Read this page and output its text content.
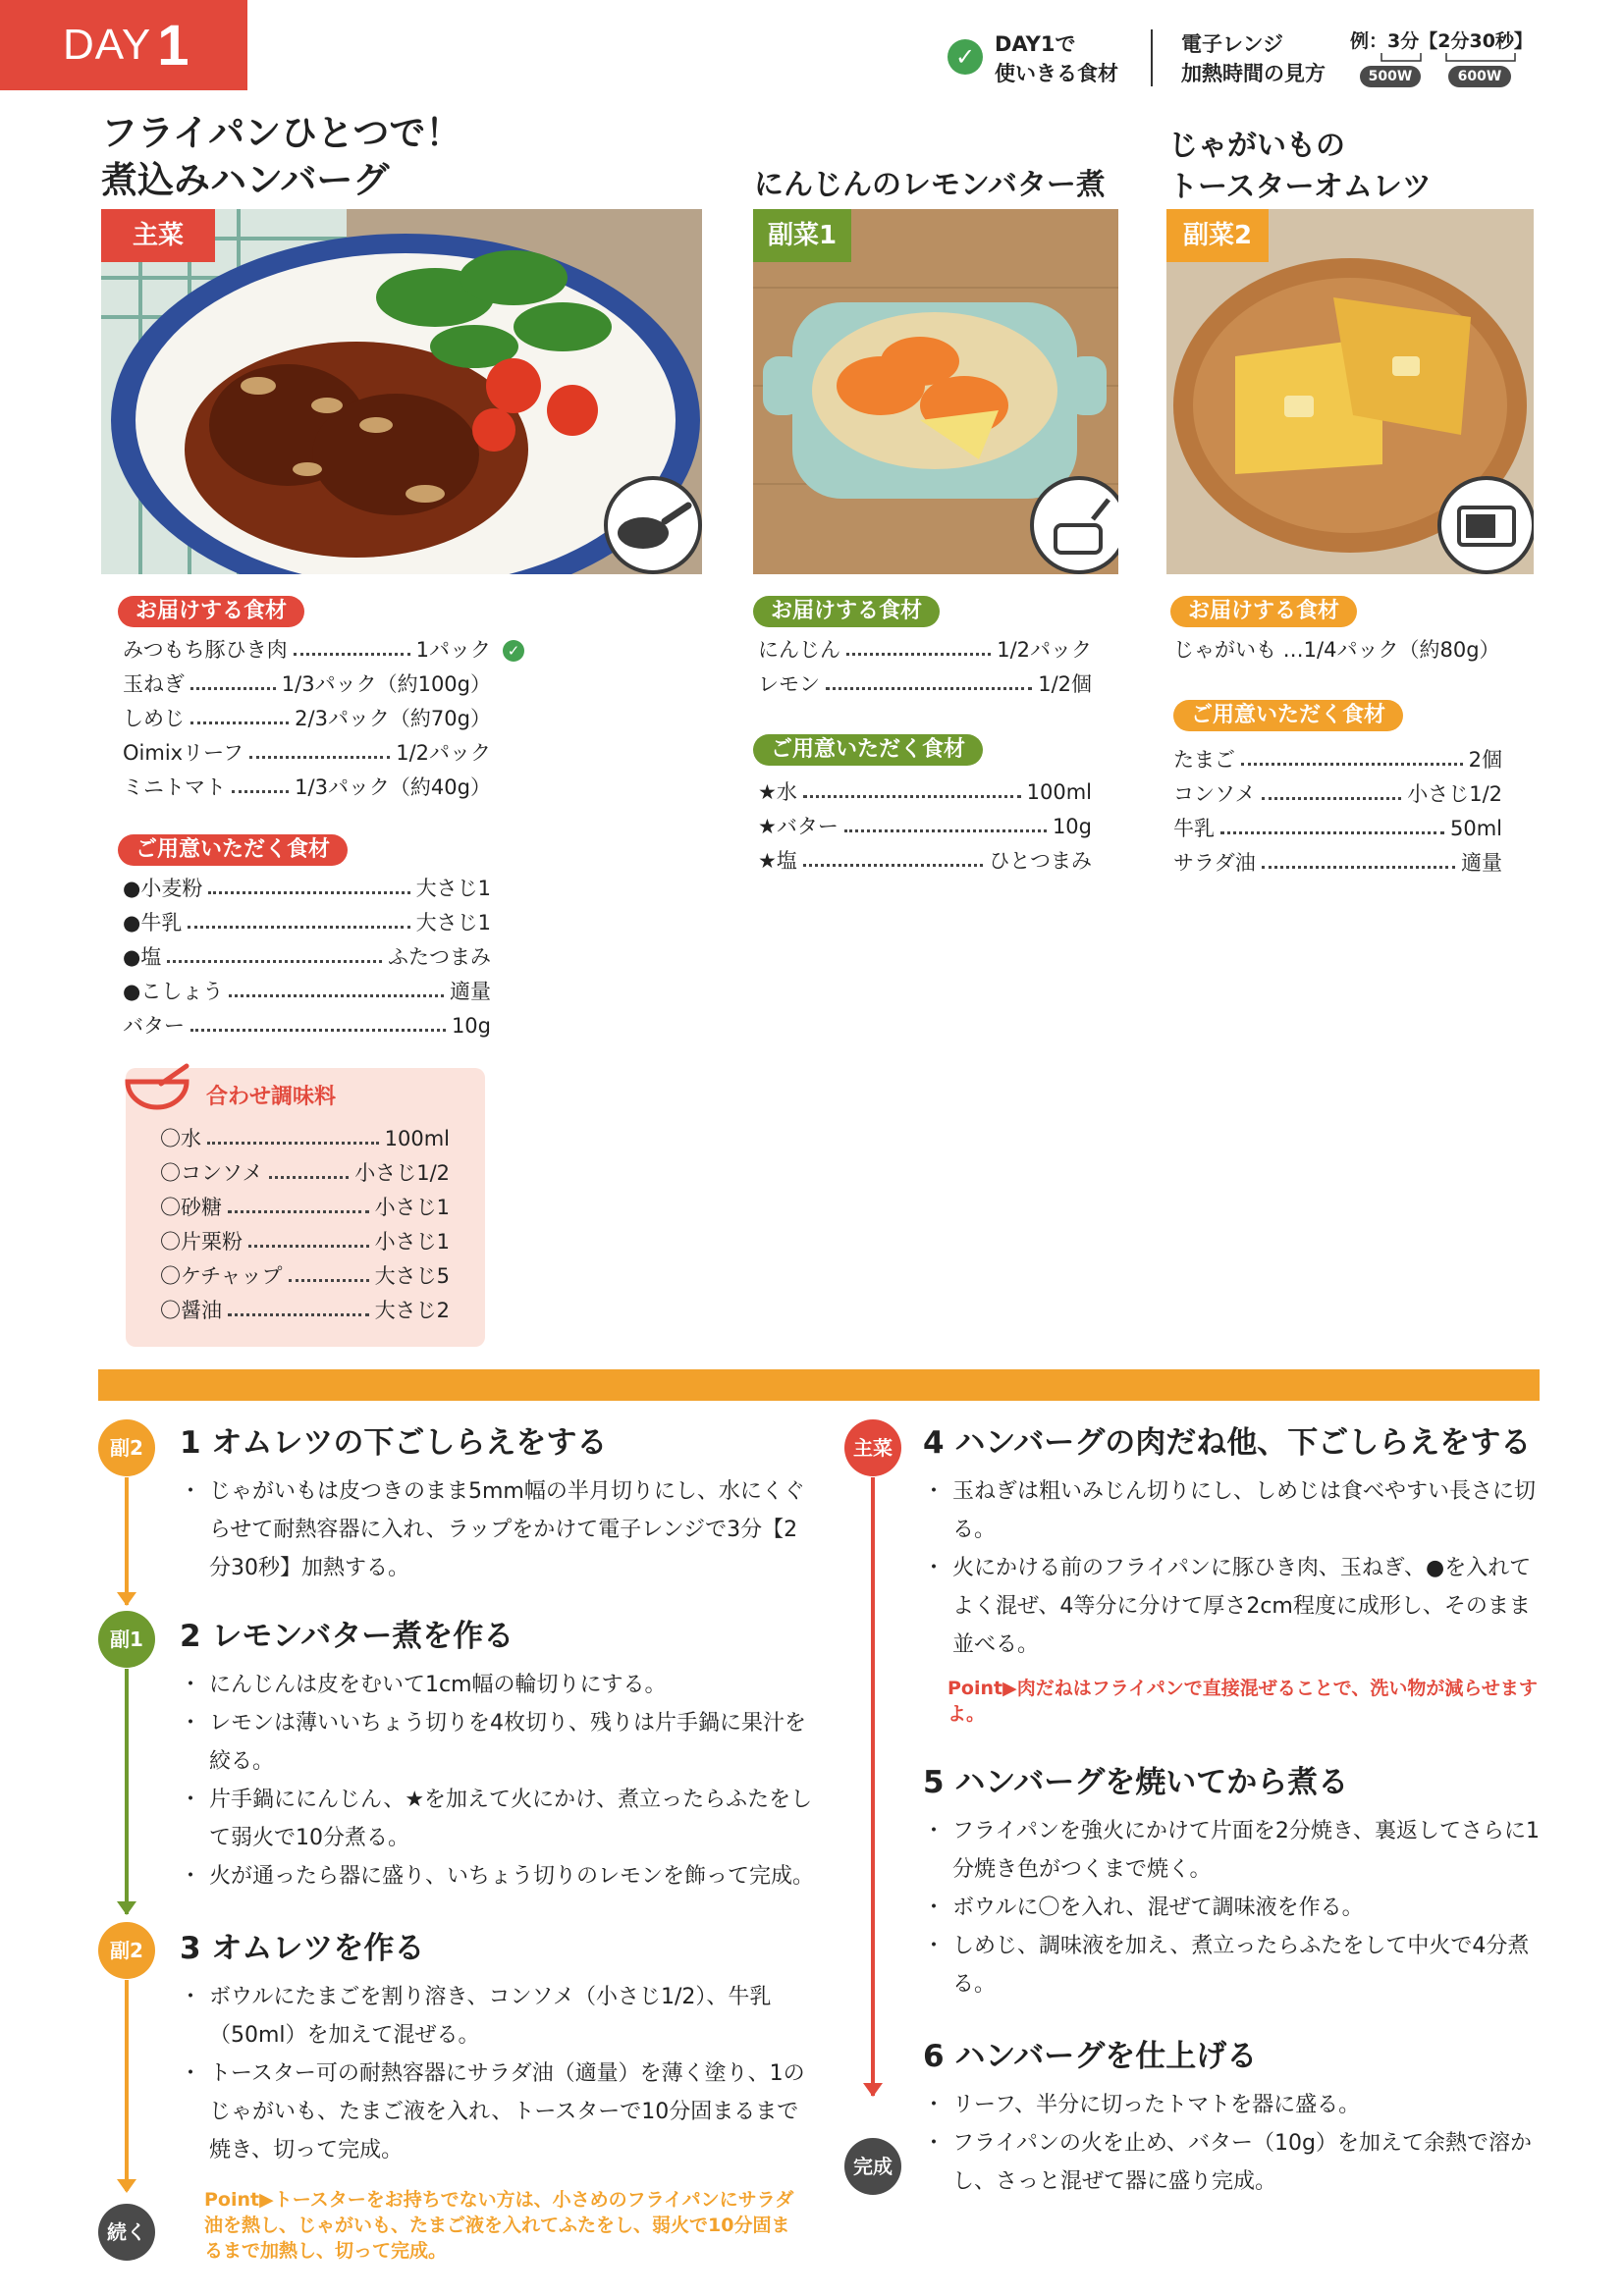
DAY 1	✓ DAY1で
使いきる食材
電子レンジ
加熱時間の見方
例：3分【2分30秒】
500W	600W
フライパンひとつで！
煮込みハンバーグ	にんじんのレモンバター煮
じゃがいもの
トースターオムレツ
主菜	副菜1	副菜2
お届けする食材
みつもち豚ひき肉	1パック	✓
玉ねぎ	1/3パック（約100g）
しめじ	2/3パック（約70g）
Oimixリーフ	1/2パック
ミニトマト	1/3パック（約40g）
ご用意いただく食材
●小麦粉	大さじ1
●牛乳	大さじ1
●塩	ふたつまみ
●こしょう	適量
バター	10g
合わせ調味料
〇水	100ml
〇コンソメ	小さじ1/2
〇砂糖	小さじ1
〇片栗粉	小さじ1
〇ケチャップ	大さじ5
〇醤油	大さじ2
お届けする食材
にんじん	1/2パック
レモン	1/2個
ご用意いただく食材
★水	100ml
★バター	10g
★塩	ひとつまみ
お届けする食材
じゃがいも …1/4パック（約80g）
ご用意いただく食材
たまご	2個
コンソメ	小さじ1/2
牛乳	50ml
サラダ油	適量
副2
副1
副2
続く
主菜
完成
1 オムレツの下ごしらえをする
・ じゃがいもは皮つきのまま5mm幅の半月切りにし、水にくぐらせて耐熱容器に入れ、ラップをかけて電子レンジで3分【2分30秒】加熱する。
2 レモンバター煮を作る
・ にんじんは皮をむいて1cm幅の輪切りにする。
・ レモンは薄いいちょう切りを4枚切り、残りは片手鍋に果汁を絞る。
・ 片手鍋ににんじん、★を加えて火にかけ、煮立ったらふたをして弱火で10分煮る。
・ 火が通ったら器に盛り、いちょう切りのレモンを飾って完成。
3 オムレツを作る
・ ボウルにたまごを割り溶き、コンソメ（小さじ1/2）、牛乳（50ml）を加えて混ぜる。
・ トースター可の耐熱容器にサラダ油（適量）を薄く塗り、1のじゃがいも、たまご液を入れ、トースターで10分固まるまで焼き、切って完成。
Point▶トースターをお持ちでない方は、小さめのフライパンにサラダ油を熱し、じゃがいも、たまご液を入れてふたをし、弱火で10分固まるまで加熱し、切って完成。
4 ハンバーグの肉だね他、下ごしらえをする
・ 玉ねぎは粗いみじん切りにし、しめじは食べやすい長さに切る。
・ 火にかける前のフライパンに豚ひき肉、玉ねぎ、●を入れてよく混ぜ、4等分に分けて厚さ2cm程度に成形し、そのまま並べる。
Point▶肉だねはフライパンで直接混ぜることで、洗い物が減らせますよ。
5 ハンバーグを焼いてから煮る
・ フライパンを強火にかけて片面を2分焼き、裏返してさらに1分焼き色がつくまで焼く。
・ ボウルに〇を入れ、混ぜて調味液を作る。
・ しめじ、調味液を加え、煮立ったらふたをして中火で4分煮る。
6 ハンバーグを仕上げる
・ リーフ、半分に切ったトマトを器に盛る。
・ フライパンの火を止め、バター（10g）を加えて余熱で溶かし、さっと混ぜて器に盛り完成。
